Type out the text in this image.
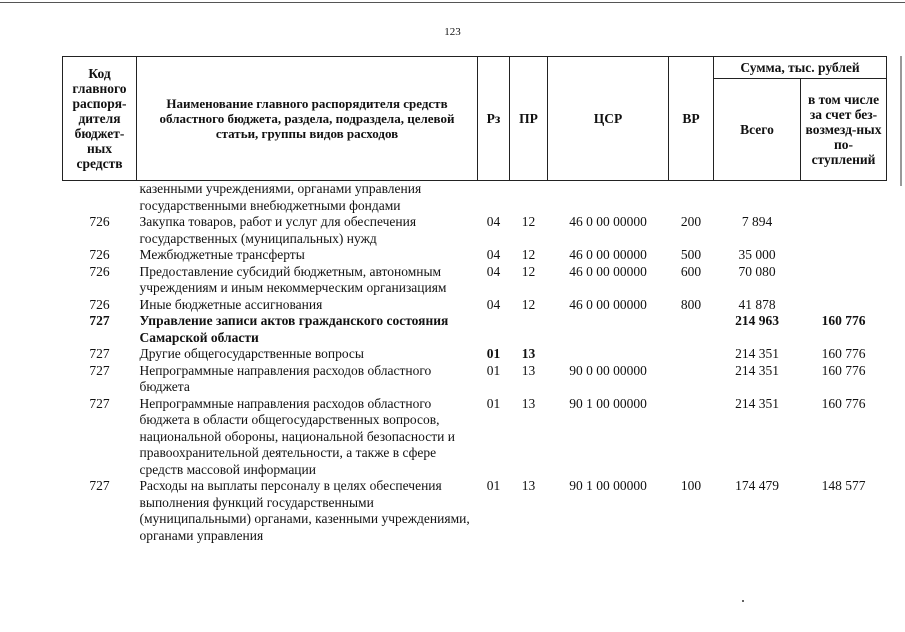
123
Код главного распоря-дителя бюджет-ных средств	Наименование главного распорядителя средств областного бюджета, раздела, подраздела, целевой статьи, группы видов расходов	Рз	ПР	ЦСР	ВР	Сумма, тыс. рублей	
						Всего	в том числе за счет без-возмезд-ных по-ступлений
	казенными учреждениями, органами управления государственными внебюджетными фондами						
726	Закупка товаров, работ и услуг для обеспечения государственных (муниципальных) нужд	04	12	46 0 00 00000	200	7 894	
726	Межбюджетные трансферты	04	12	46 0 00 00000	500	35 000	
726	Предоставление субсидий бюджетным, автономным учреждениям и иным некоммерческим организациям	04	12	46 0 00 00000	600	70 080	
726	Иные бюджетные ассигнования	04	12	46 0 00 00000	800	41 878	
727	Управление записи актов гражданского состояния Самарской области					214 963	160 776
727	Другие общегосударственные вопросы	01	13			214 351	160 776
727	Непрограммные направления расходов областного бюджета	01	13	90 0 00 00000		214 351	160 776
727	Непрограммные направления расходов областного бюджета в области общегосударственных вопросов, национальной обороны, национальной безопасности и правоохранительной деятельности, а также в сфере средств массовой информации	01	13	90 1 00 00000		214 351	160 776
727	Расходы на выплаты персоналу в целях обеспечения выполнения функций государственными (муниципальными) органами, казенными учреждениями, органами управления	01	13	90 1 00 00000	100	174 479	148 577
